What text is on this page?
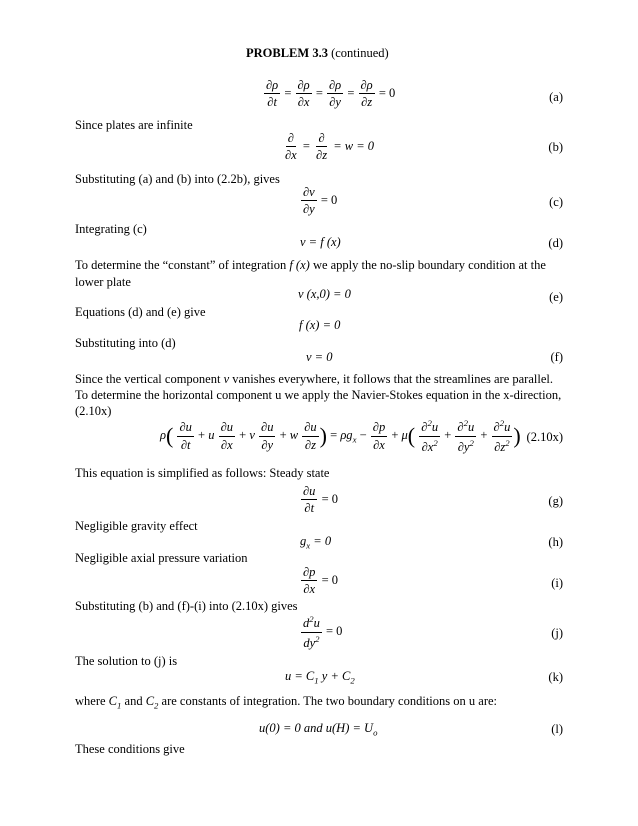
PROBLEM 3.3 (continued)
$\frac{\partial\rho}{\partial t} = \frac{\partial\rho}{\partial x} = \frac{\partial\rho}{\partial y} = \frac{\partial\rho}{\partial z} = 0$	(a)
Since plates are infinite
$\frac{\partial}{\partial x} = \frac{\partial}{\partial z} = w = 0$	(b)
Substituting (a) and (b) into (2.2b), gives
$\frac{\partial v}{\partial y} = 0$	(c)
Integrating (c)
v = f (x)	(d)
To determine the “constant” of integration f (x) we apply the no-slip boundary condition at the
lower plate
v (x,0) = 0	(e)
Equations (d) and (e) give
f (x) = 0
Substituting into (d)
v = 0	(f)
Since the vertical component v vanishes everywhere, it follows that the streamlines are parallel.
To determine the horizontal component u we apply the Navier-Stokes equation in the x-direction,
(2.10x)
$\rho( \frac{\partial u}{\partial t} + u \frac{\partial u}{\partial x} + v \frac{\partial u}{\partial y} + w \frac{\partial u}{\partial z}$ ) = $\rho g_x - \frac{\partial p}{\partial x} + \mu( \frac{\partial^2u}{\partial x^2} + \frac{\partial^2u}{\partial y^2} + \frac{\partial^2u}{\partial z^2}$ ) (2.10x)
This equation is simplified as follows: Steady state
$\frac{\partial u}{\partial t} = 0$	(g)
Negligible gravity effect
$g_x = 0$	(h)
Negligible axial pressure variation
$\frac{\partial p}{\partial x} = 0$	(i)
Substituting (b) and (f)-(i) into (2.10x) gives
$\frac{d^2u}{dy^2} = 0$	(j)
The solution to (j) is
$u = C_1$ $y + C_2$	(k)
where $C_1$ and $C_2$ are constants of integration. The two boundary conditions on u are:
u(0) = 0 and $u(H) = U_o$	(l)
These conditions give
